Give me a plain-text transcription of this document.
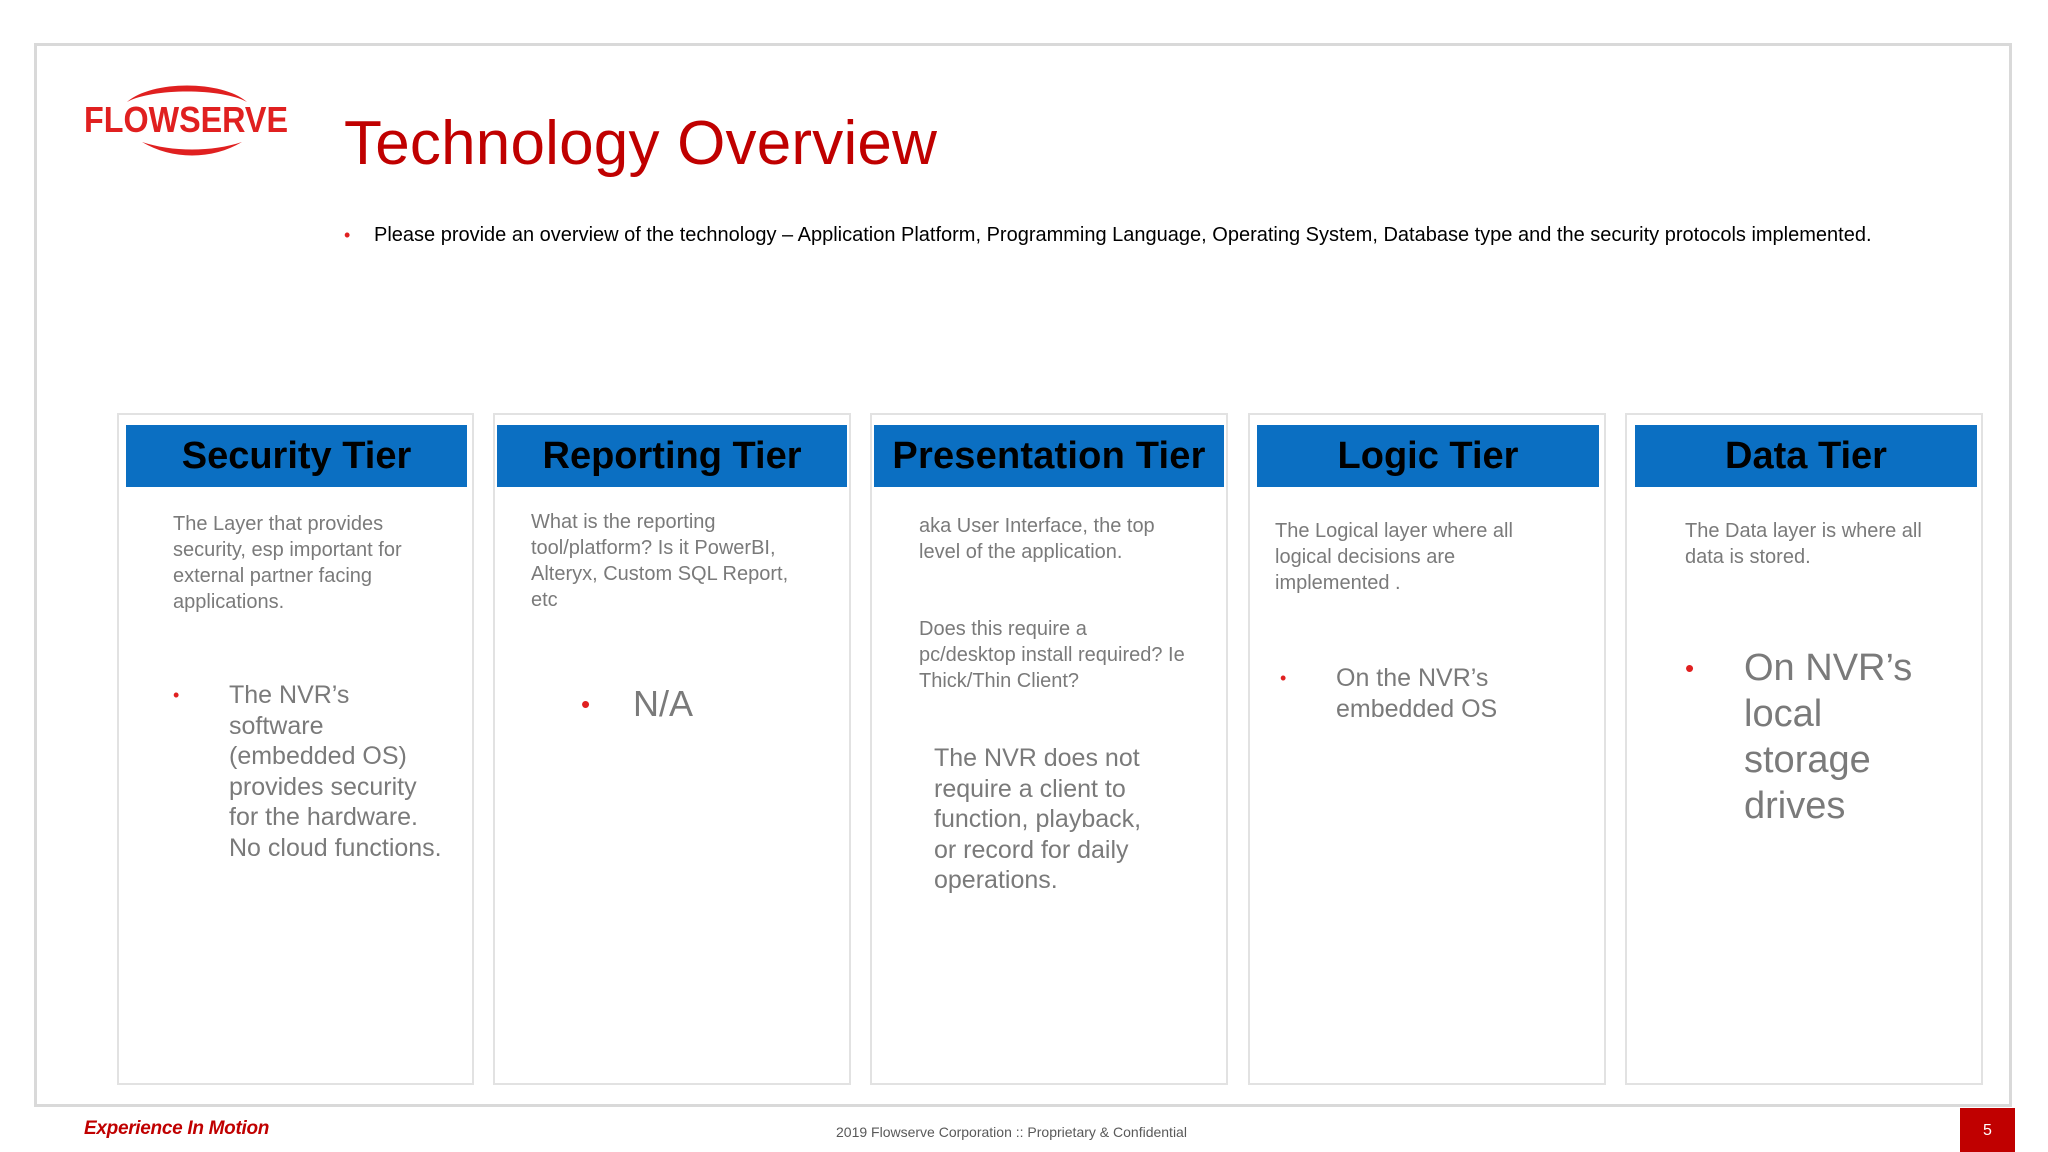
FLOWSERVE Technology Overview
•	Please provide an overview of the technology – Application Platform, Programming Language, Operating System, Database type and the security protocols implemented.
Security Tier
The Layer that provides security, esp important for external partner facing applications.
•	The NVR’s software (embedded OS) provides security for the hardware. No cloud functions.
Reporting Tier
What is the reporting tool/platform? Is it PowerBI, Alteryx, Custom SQL Report, etc
•	N/A
Presentation Tier
aka User Interface, the top level of the application.
Does this require a pc/desktop install required? Ie Thick/Thin Client?
The NVR does not require a client to function, playback, or record for daily operations.
Logic Tier
The Logical layer where all logical decisions are implemented .
•	On the NVR’s embedded OS
Data Tier
The Data layer is where all data is stored.
•	On NVR’s local storage drives
Experience In Motion	2019 Flowserve Corporation :: Proprietary & Confidential	5
